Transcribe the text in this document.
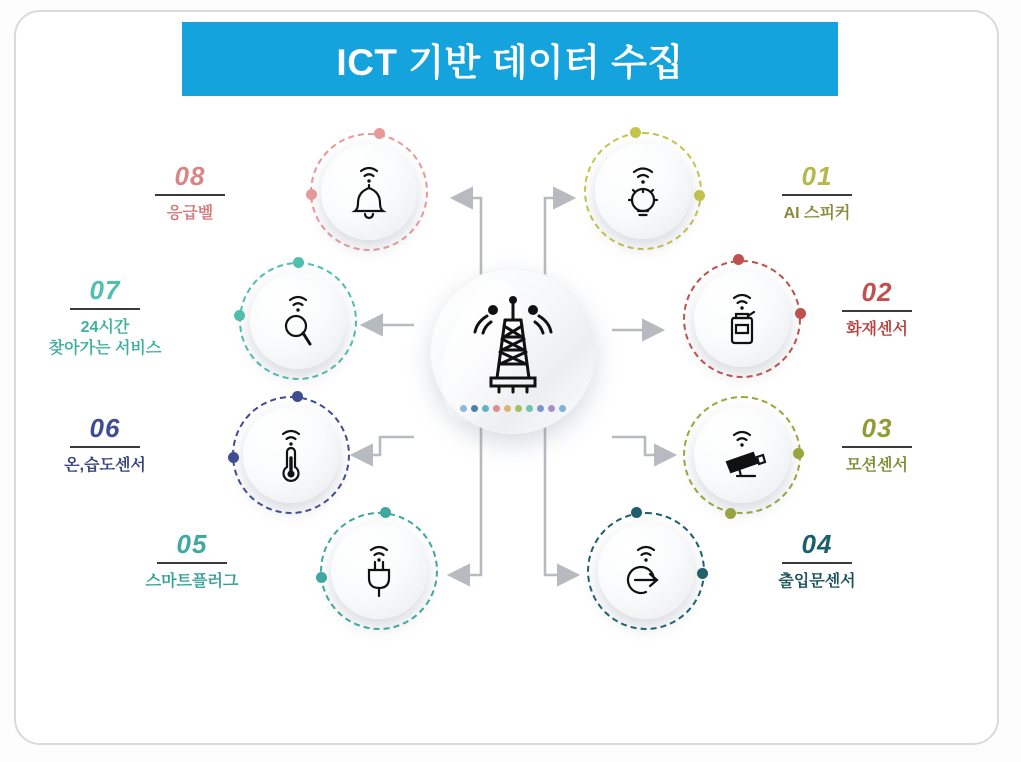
ICT 기반 데이터 수집
01
AI 스피커
02
화재센서
03
모션센서
04
출입문센서
05
스마트플러그
06
온,습도센서
07
24시간
찾아가는 서비스
08
응급벨
